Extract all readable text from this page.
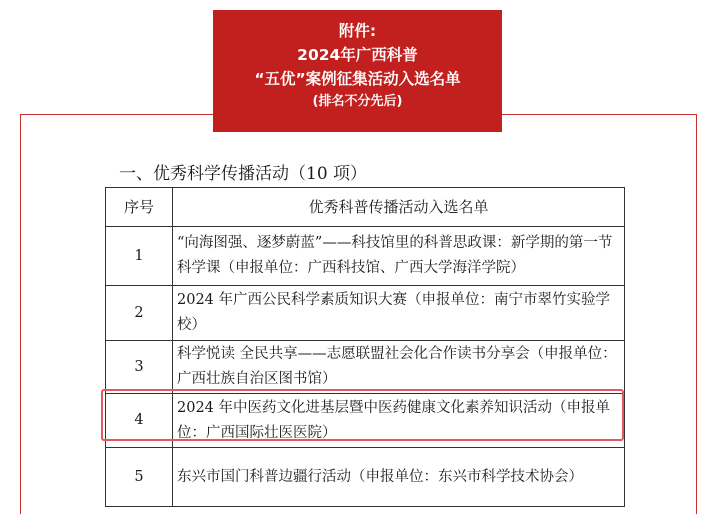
附件:
2024年广西科普
“五优”案例征集活动入选名单
(排名不分先后)
一、优秀科学传播活动（10 项）
序号	优秀科普传播活动入选名单
1	“向海图强、逐梦蔚蓝”——科技馆里的科普思政课：新学期的第一节科学课（申报单位：广西科技馆、广西大学海洋学院）
2	2024 年广西公民科学素质知识大赛（申报单位：南宁市翠竹实验学校）
3	科学悦读 全民共享——志愿联盟社会化合作读书分享会（申报单位：广西壮族自治区图书馆）
4	2024 年中医药文化进基层暨中医药健康文化素养知识活动（申报单位：广西国际壮医医院）
5	东兴市国门科普边疆行活动（申报单位：东兴市科学技术协会）
